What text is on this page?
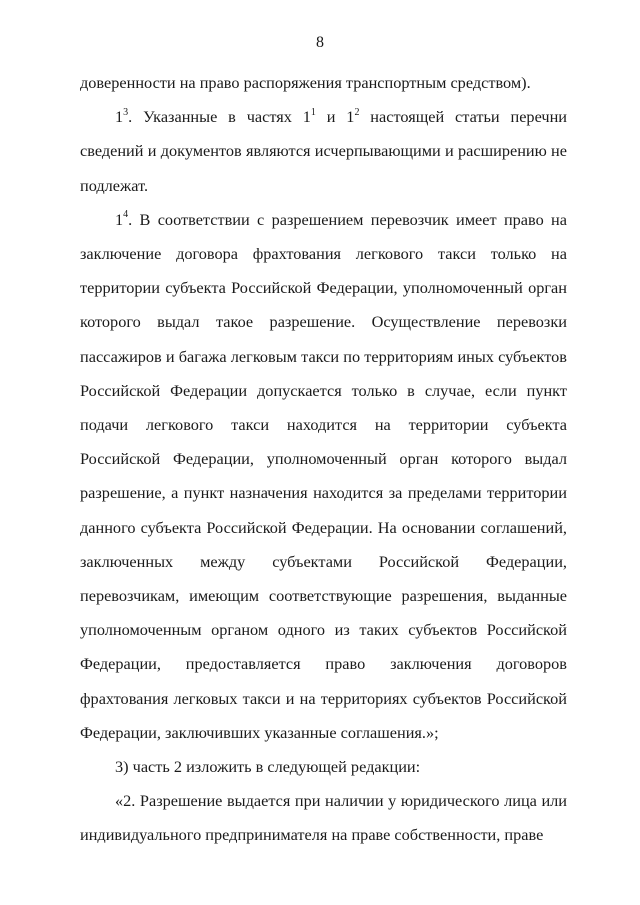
8

доверенности на право распоряжения транспортным средством).

$1^3$. Указанные в частях $1^1$ и $1^2$ настоящей статьи перечни сведений и документов являются исчерпывающими и расширению не подлежат.

$1^4$. В соответствии с разрешением перевозчик имеет право на заключение договора фрахтования легкового такси только на территории субъекта Российской Федерации, уполномоченный орган которого выдал такое разрешение. Осуществление перевозки пассажиров и багажа легковым такси по территориям иных субъектов Российской Федерации допускается только в случае, если пункт подачи легкового такси находится на территории субъекта Российской Федерации, уполномоченный орган которого выдал разрешение, а пункт назначения находится за пределами территории данного субъекта Российской Федерации. На основании соглашений, заключенных между субъектами Российской Федерации, перевозчикам, имеющим соответствующие разрешения, выданные уполномоченным органом одного из таких субъектов Российской Федерации, предоставляется право заключения договоров фрахтования легковых такси и на территориях субъектов Российской Федерации, заключивших указанные соглашения.»;

3) часть 2 изложить в следующей редакции:

«2. Разрешение выдается при наличии у юридического лица или индивидуального предпринимателя на праве собственности, праве
